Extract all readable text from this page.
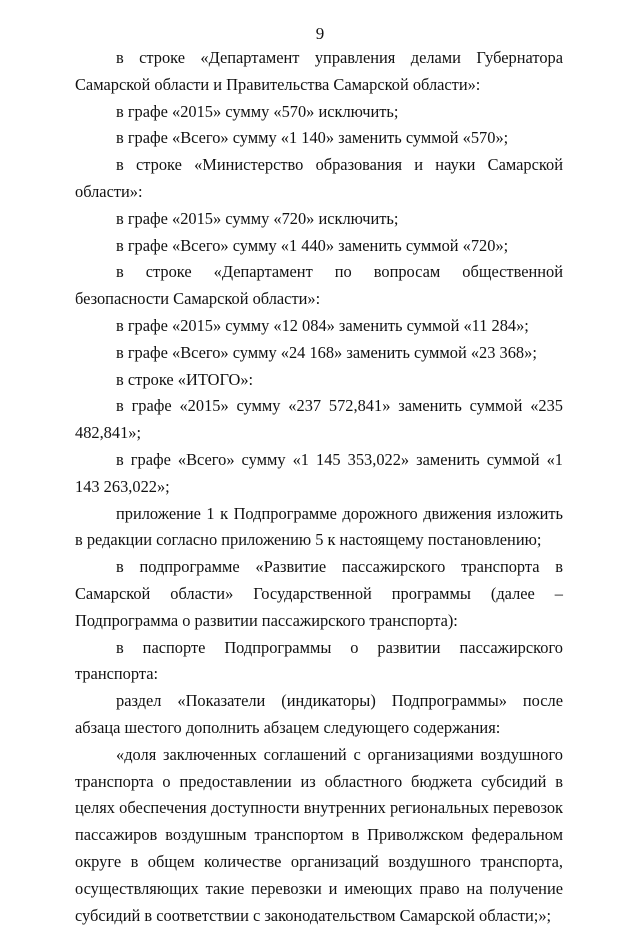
9

в строке «Департамент управления делами Губернатора Самарской области и Правительства Самарской области»:

в графе «2015» сумму «570» исключить;

в графе «Всего» сумму «1 140» заменить суммой «570»;

в строке «Министерство образования и науки Самарской области»:

в графе «2015» сумму «720» исключить;

в графе «Всего» сумму «1 440» заменить суммой «720»;

в строке «Департамент по вопросам общественной безопасности Самарской области»:

в графе «2015» сумму «12 084» заменить суммой «11 284»;

в графе «Всего» сумму «24 168» заменить суммой «23 368»;

в строке «ИТОГО»:

в графе «2015» сумму «237 572,841» заменить суммой «235 482,841»;

в графе «Всего» сумму «1 145 353,022» заменить суммой «1 143 263,022»;

приложение 1 к Подпрограмме дорожного движения изложить в редакции согласно приложению 5 к настоящему постановлению;

в подпрограмме «Развитие пассажирского транспорта в Самарской области» Государственной программы (далее – Подпрограмма о развитии пассажирского транспорта):

в паспорте Подпрограммы о развитии пассажирского транспорта:

раздел «Показатели (индикаторы) Подпрограммы» после абзаца шестого дополнить абзацем следующего содержания:

«доля заключенных соглашений с организациями воздушного транспорта о предоставлении из областного бюджета субсидий в целях обеспечения доступности внутренних региональных перевозок пассажиров воздушным транспортом в Приволжском федеральном округе в общем количестве организаций воздушного транспорта, осуществляющих такие перевозки и имеющих право на получение субсидий в соответствии с законодательством Самарской области;»;
